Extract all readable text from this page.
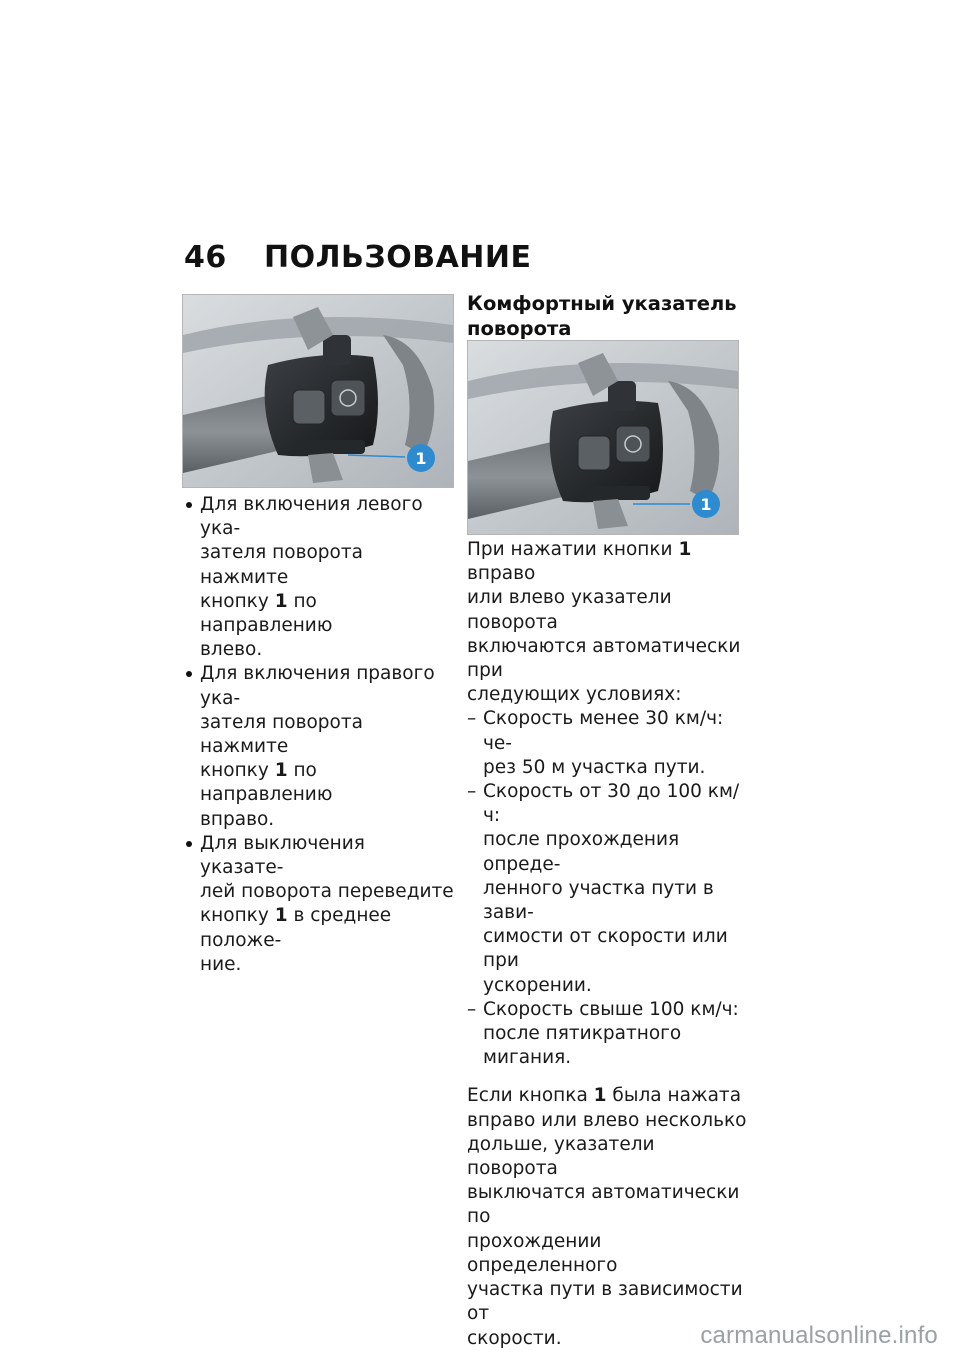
46 ПОЛЬЗОВАНИЕ
1

Для включения левого ука-

зателя поворота нажмите

кнопку 1 по направлению

влево.

Для включения правого ука-

зателя поворота нажмите

кнопку 1 по направлению

вправо.

Для выключения указате-

лей поворота переведите

кнопку 1 в среднее положе-

ние.

Комфортный указатель

поворота

1

При нажатии кнопки 1 вправо

или влево указатели поворота

включаются автоматически при

следующих условиях:

– Скорость менее 30 км/ч: че-

рез 50 м участка пути.

– Скорость от 30 до 100 км/ч:

после прохождения опреде-

ленного участка пути в зави-

симости от скорости или при

ускорении.

– Скорость свыше 100 км/ч:

после пятикратного мигания.

Если кнопка 1 была нажата

вправо или влево несколько

дольше, указатели поворота

выключатся автоматически по

прохождении определенного

участка пути в зависимости от

скорости.	carmanualsonline.info
